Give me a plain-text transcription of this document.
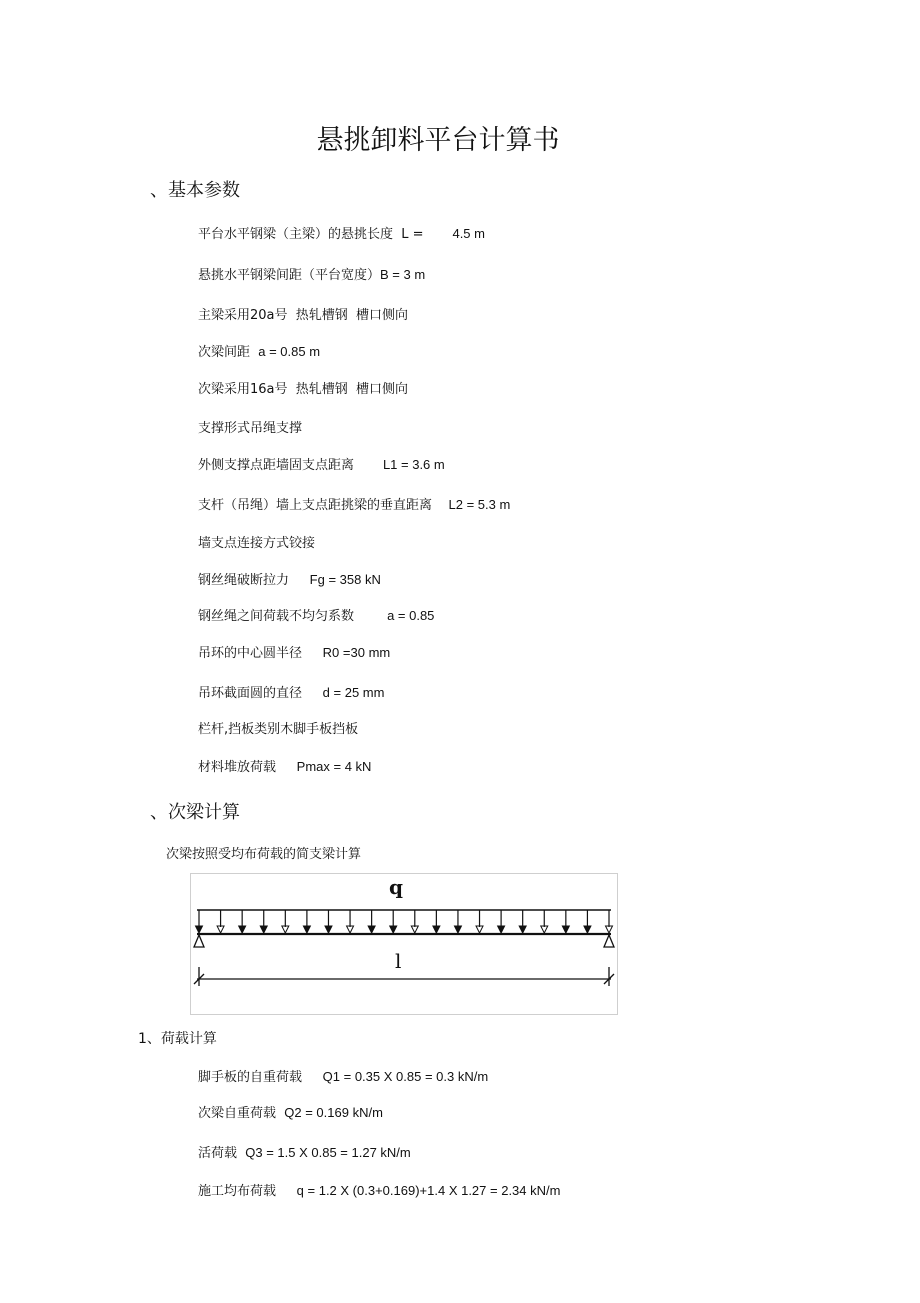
悬挑卸料平台计算书
、基本参数
平台水平钢梁（主梁）的悬挑长度  L =       4.5 m
悬挑水平钢梁间距（平台宽度）B = 3 m
主梁采用20a号  热轧槽钢  槽口侧向
次梁间距  a = 0.85 m
次梁采用16a号  热轧槽钢  槽口侧向
支撑形式吊绳支撑
外侧支撑点距墙固支点距离       L1 = 3.6 m
支杆（吊绳）墙上支点距挑梁的垂直距离    L2 = 5.3 m
墙支点连接方式铰接
钢丝绳破断拉力     Fg = 358 kN
钢丝绳之间荷载不均匀系数        a = 0.85
吊环的中心圆半径     R0 =30 mm
吊环截面圆的直径     d = 25 mm
栏杆,挡板类别木脚手板挡板
材料堆放荷载     Pmax = 4 kN
、次梁计算
次梁按照受均布荷载的简支梁计算
q
l
1、荷载计算
脚手板的自重荷载     Q1 = 0.35 X 0.85 = 0.3 kN/m
次梁自重荷载  Q2 = 0.169 kN/m
活荷载  Q3 = 1.5 X 0.85 = 1.27 kN/m
施工均布荷载     q = 1.2 X (0.3+0.169)+1.4 X 1.27 = 2.34 kN/m
